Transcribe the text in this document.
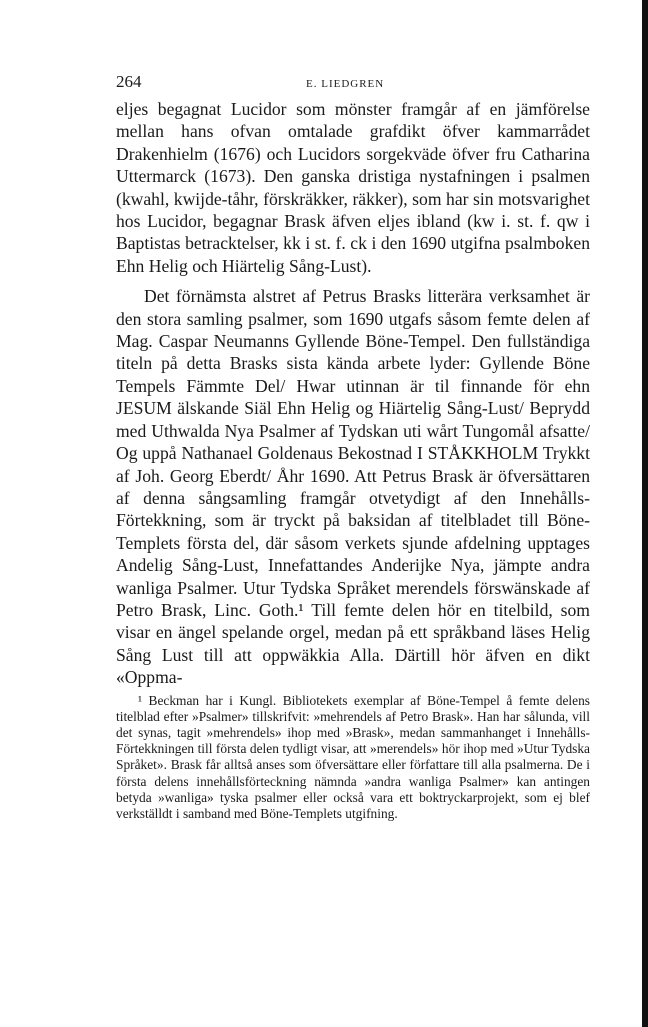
264	E. LIEDGREN

eljes begagnat Lucidor som mönster framgår af en jämförelse mellan hans ofvan omtalade grafdikt öfver kammarrådet Drakenhielm (1676) och Lucidors sorgekväde öfver fru Catharina Uttermarck (1673). Den ganska dristiga nystafningen i psalmen (kwahl, kwijde-tåhr, förskräkker, räkker), som har sin motsvarighet hos Lucidor, begagnar Brask äfven eljes ibland (kw i. st. f. qw i Baptistas betracktelser, kk i st. f. ck i den 1690 utgifna psalmboken Ehn Helig och Hiärtelig Sång-Lust).

Det förnämsta alstret af Petrus Brasks litterära verksamhet är den stora samling psalmer, som 1690 utgafs såsom femte delen af Mag. Caspar Neumanns Gyllende Böne-Tempel. Den fullständiga titeln på detta Brasks sista kända arbete lyder: Gyllende Böne Tempels Fämmte Del/ Hwar utinnan är til finnande för ehn JESUM älskande Siäl Ehn Helig og Hiärtelig Sång-Lust/ Beprydd med Uthwalda Nya Psalmer af Tydskan uti wårt Tungomål afsatte/ Og uppå Nathanael Goldenaus Bekostnad I STÅKKHOLM Trykkt af Joh. Georg Eberdt/ Åhr 1690. Att Petrus Brask är öfversättaren af denna sångsamling framgår otvetydigt af den Innehålls-Förtekkning, som är tryckt på baksidan af titelbladet till Böne-Templets första del, där såsom verkets sjunde afdelning upptages Andelig Sång-Lust, Innefattandes Anderijke Nya, jämpte andra wanliga Psalmer. Utur Tydska Språket merendels förswänskade af Petro Brask, Linc. Goth.¹ Till femte delen hör en titelbild, som visar en ängel spelande orgel, medan på ett språkband läses Helig Sång Lust till att oppwäkkia Alla. Därtill hör äfven en dikt «Oppma-

¹ Beckman har i Kungl. Bibliotekets exemplar af Böne-Tempel å femte delens titelblad efter »Psalmer» tillskrifvit: »mehrendels af Petro Brask». Han har sålunda, vill det synas, tagit »mehrendels» ihop med »Brask», medan sammanhanget i Innehålls-Förtekkningen till första delen tydligt visar, att »merendels» hör ihop med »Utur Tydska Språket». Brask får alltså anses som öfversättare eller författare till alla psalmerna. De i första delens innehållsförteckning nämnda »andra wanliga Psalmer» kan antingen betyda »wanliga» tyska psalmer eller också vara ett boktryckarprojekt, som ej blef verkställdt i samband med Böne-Templets utgifning.
